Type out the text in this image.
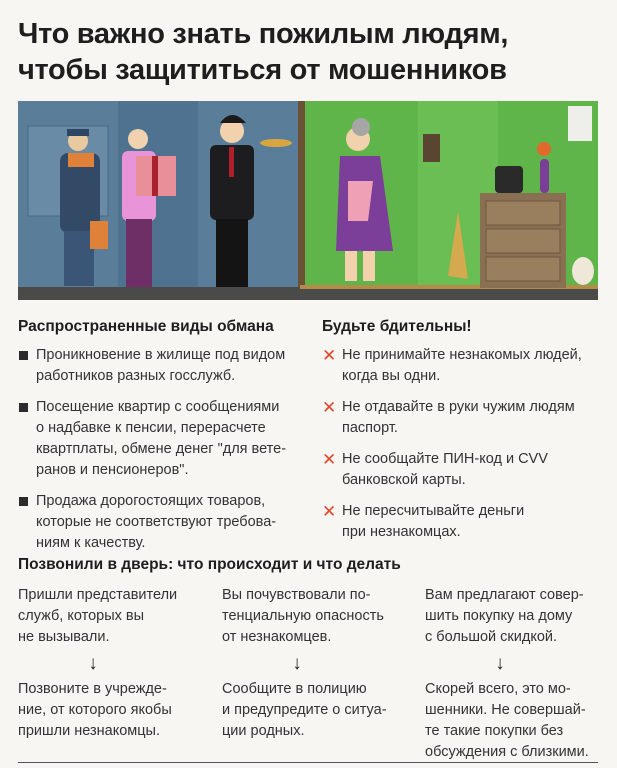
Что важно знать пожилым людям,
чтобы защититься от мошенников
Распространенные виды обмана
Проникновение в жилище под видом
работников разных госслужб.
Посещение квартир с сообщениями
о надбавке к пенсии, перерасчете
квартплаты, обмене денег "для вете-
ранов и пенсионеров".
Продажа дорогостоящих товаров,
которые не соответствуют требова-
ниям к качеству.
Будьте бдительны!
✕ Не принимайте незнакомых людей,
когда вы одни.
✕ Не отдавайте в руки чужим людям
паспорт.
✕ Не сообщайте ПИН-код и CVV
банковской карты.
✕ Не пересчитывайте деньги
при незнакомцах.
Позвонили в дверь: что происходит и что делать
Пришли представители
служб, которых вы
не вызывали.
↓
Позвоните в учрежде-
ние, от которого якобы
пришли незнакомцы.
Вы почувствовали по-
тенциальную опасность
от незнакомцев.
↓
Сообщите в полицию
и предупредите о ситуа-
ции родных.
Вам предлагают совер-
шить покупку на дому
с большой скидкой.
↓
Скорей всего, это мо-
шенники. Не совершай-
те такие покупки без
обсуждения с близкими.
